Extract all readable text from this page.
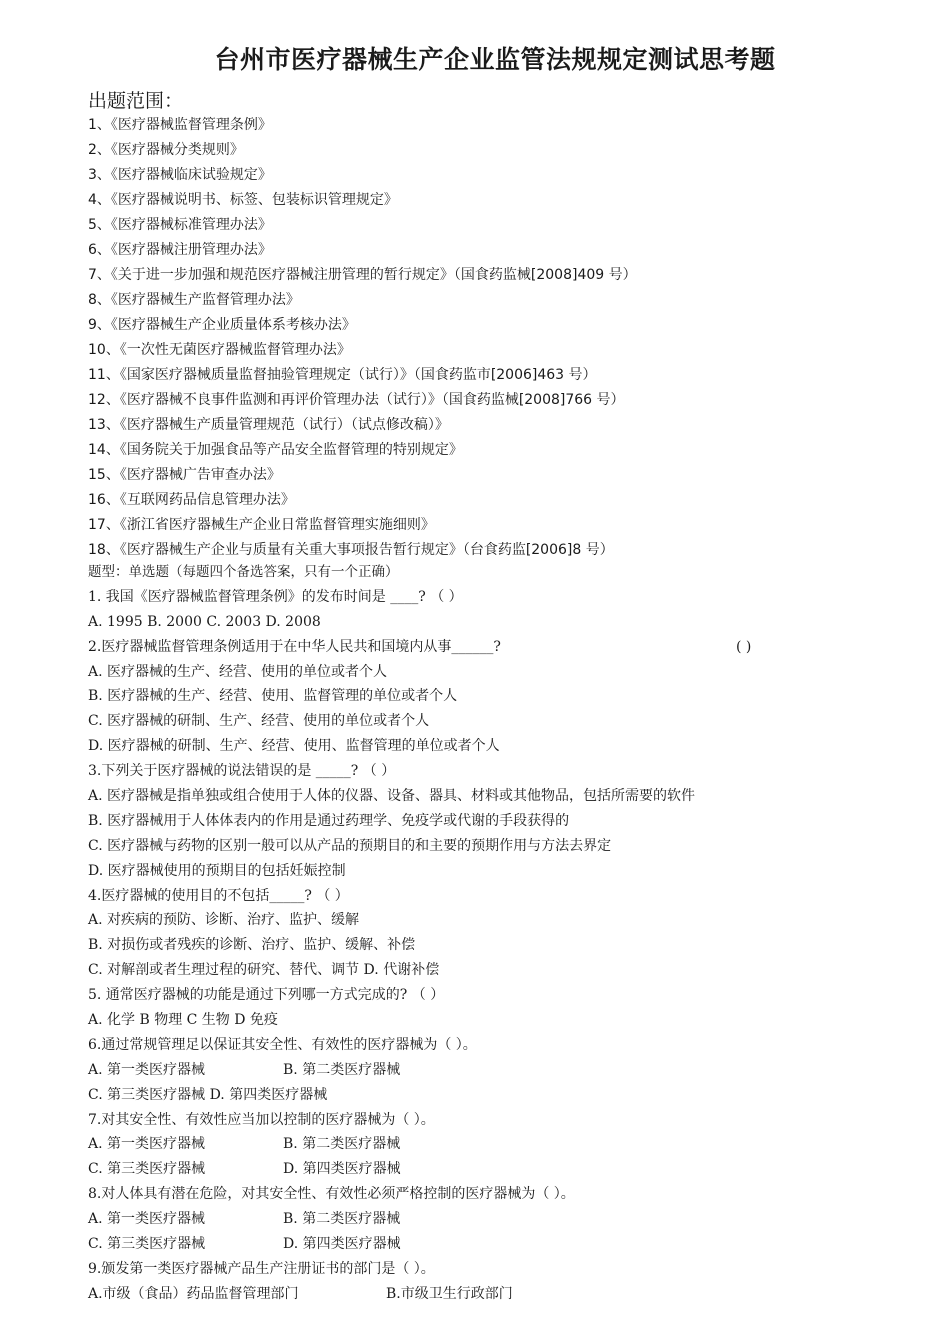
台州市医疗器械生产企业监管法规规定测试思考题
出题范围：
1、《医疗器械监督管理条例》
2、《医疗器械分类规则》
3、《医疗器械临床试验规定》
4、《医疗器械说明书、标签、包装标识管理规定》
5、《医疗器械标准管理办法》
6、《医疗器械注册管理办法》
7、《关于进一步加强和规范医疗器械注册管理的暂行规定》（国食药监械[2008]409 号）
8、《医疗器械生产监督管理办法》
9、《医疗器械生产企业质量体系考核办法》
10、《一次性无菌医疗器械监督管理办法》
11、《国家医疗器械质量监督抽验管理规定（试行）》（国食药监市[2006]463 号）
12、《医疗器械不良事件监测和再评价管理办法（试行）》（国食药监械[2008]766 号）
13、《医疗器械生产质量管理规范（试行）（试点修改稿）》
14、《国务院关于加强食品等产品安全监督管理的特别规定》
15、《医疗器械广告审查办法》
16、《互联网药品信息管理办法》
17、《浙江省医疗器械生产企业日常监督管理实施细则》
18、《医疗器械生产企业与质量有关重大事项报告暂行规定》（台食药监[2006]8 号）
题型：单选题（每题四个备选答案，只有一个正确）
1. 我国《医疗器械监督管理条例》的发布时间是 ____? （ ）
A. 1995 B. 2000 C. 2003 D. 2008
2.医疗器械监督管理条例适用于在中华人民共和国境内从事______?	( )
A. 医疗器械的生产、经营、使用的单位或者个人
B. 医疗器械的生产、经营、使用、监督管理的单位或者个人
C. 医疗器械的研制、生产、经营、使用的单位或者个人
D. 医疗器械的研制、生产、经营、使用、监督管理的单位或者个人
3.下列关于医疗器械的说法错误的是 _____? （ ）
A. 医疗器械是指单独或组合使用于人体的仪器、设备、器具、材料或其他物品，包括所需要的软件
B. 医疗器械用于人体体表内的作用是通过药理学、免疫学或代谢的手段获得的
C. 医疗器械与药物的区别一般可以从产品的预期目的和主要的预期作用与方法去界定
D. 医疗器械使用的预期目的包括妊娠控制
4.医疗器械的使用目的不包括_____? （ ）
A. 对疾病的预防、诊断、治疗、监护、缓解
B. 对损伤或者残疾的诊断、治疗、监护、缓解、补偿
C. 对解剖或者生理过程的研究、替代、调节 D. 代谢补偿
5. 通常医疗器械的功能是通过下列哪一方式完成的? （ ）
A. 化学 B 物理 C 生物 D 免疫
6.通过常规管理足以保证其安全性、有效性的医疗器械为（ ）。
A. 第一类医疗器械	B. 第二类医疗器械
C. 第三类医疗器械 D. 第四类医疗器械
7.对其安全性、有效性应当加以控制的医疗器械为（ ）。
A. 第一类医疗器械	B. 第二类医疗器械
C. 第三类医疗器械	D. 第四类医疗器械
8.对人体具有潜在危险，对其安全性、有效性必须严格控制的医疗器械为（ ）。
A. 第一类医疗器械	B. 第二类医疗器械
C. 第三类医疗器械	D. 第四类医疗器械
9.颁发第一类医疗器械产品生产注册证书的部门是（ ）。
A.市级（食品）药品监督管理部门	B.市级卫生行政部门
